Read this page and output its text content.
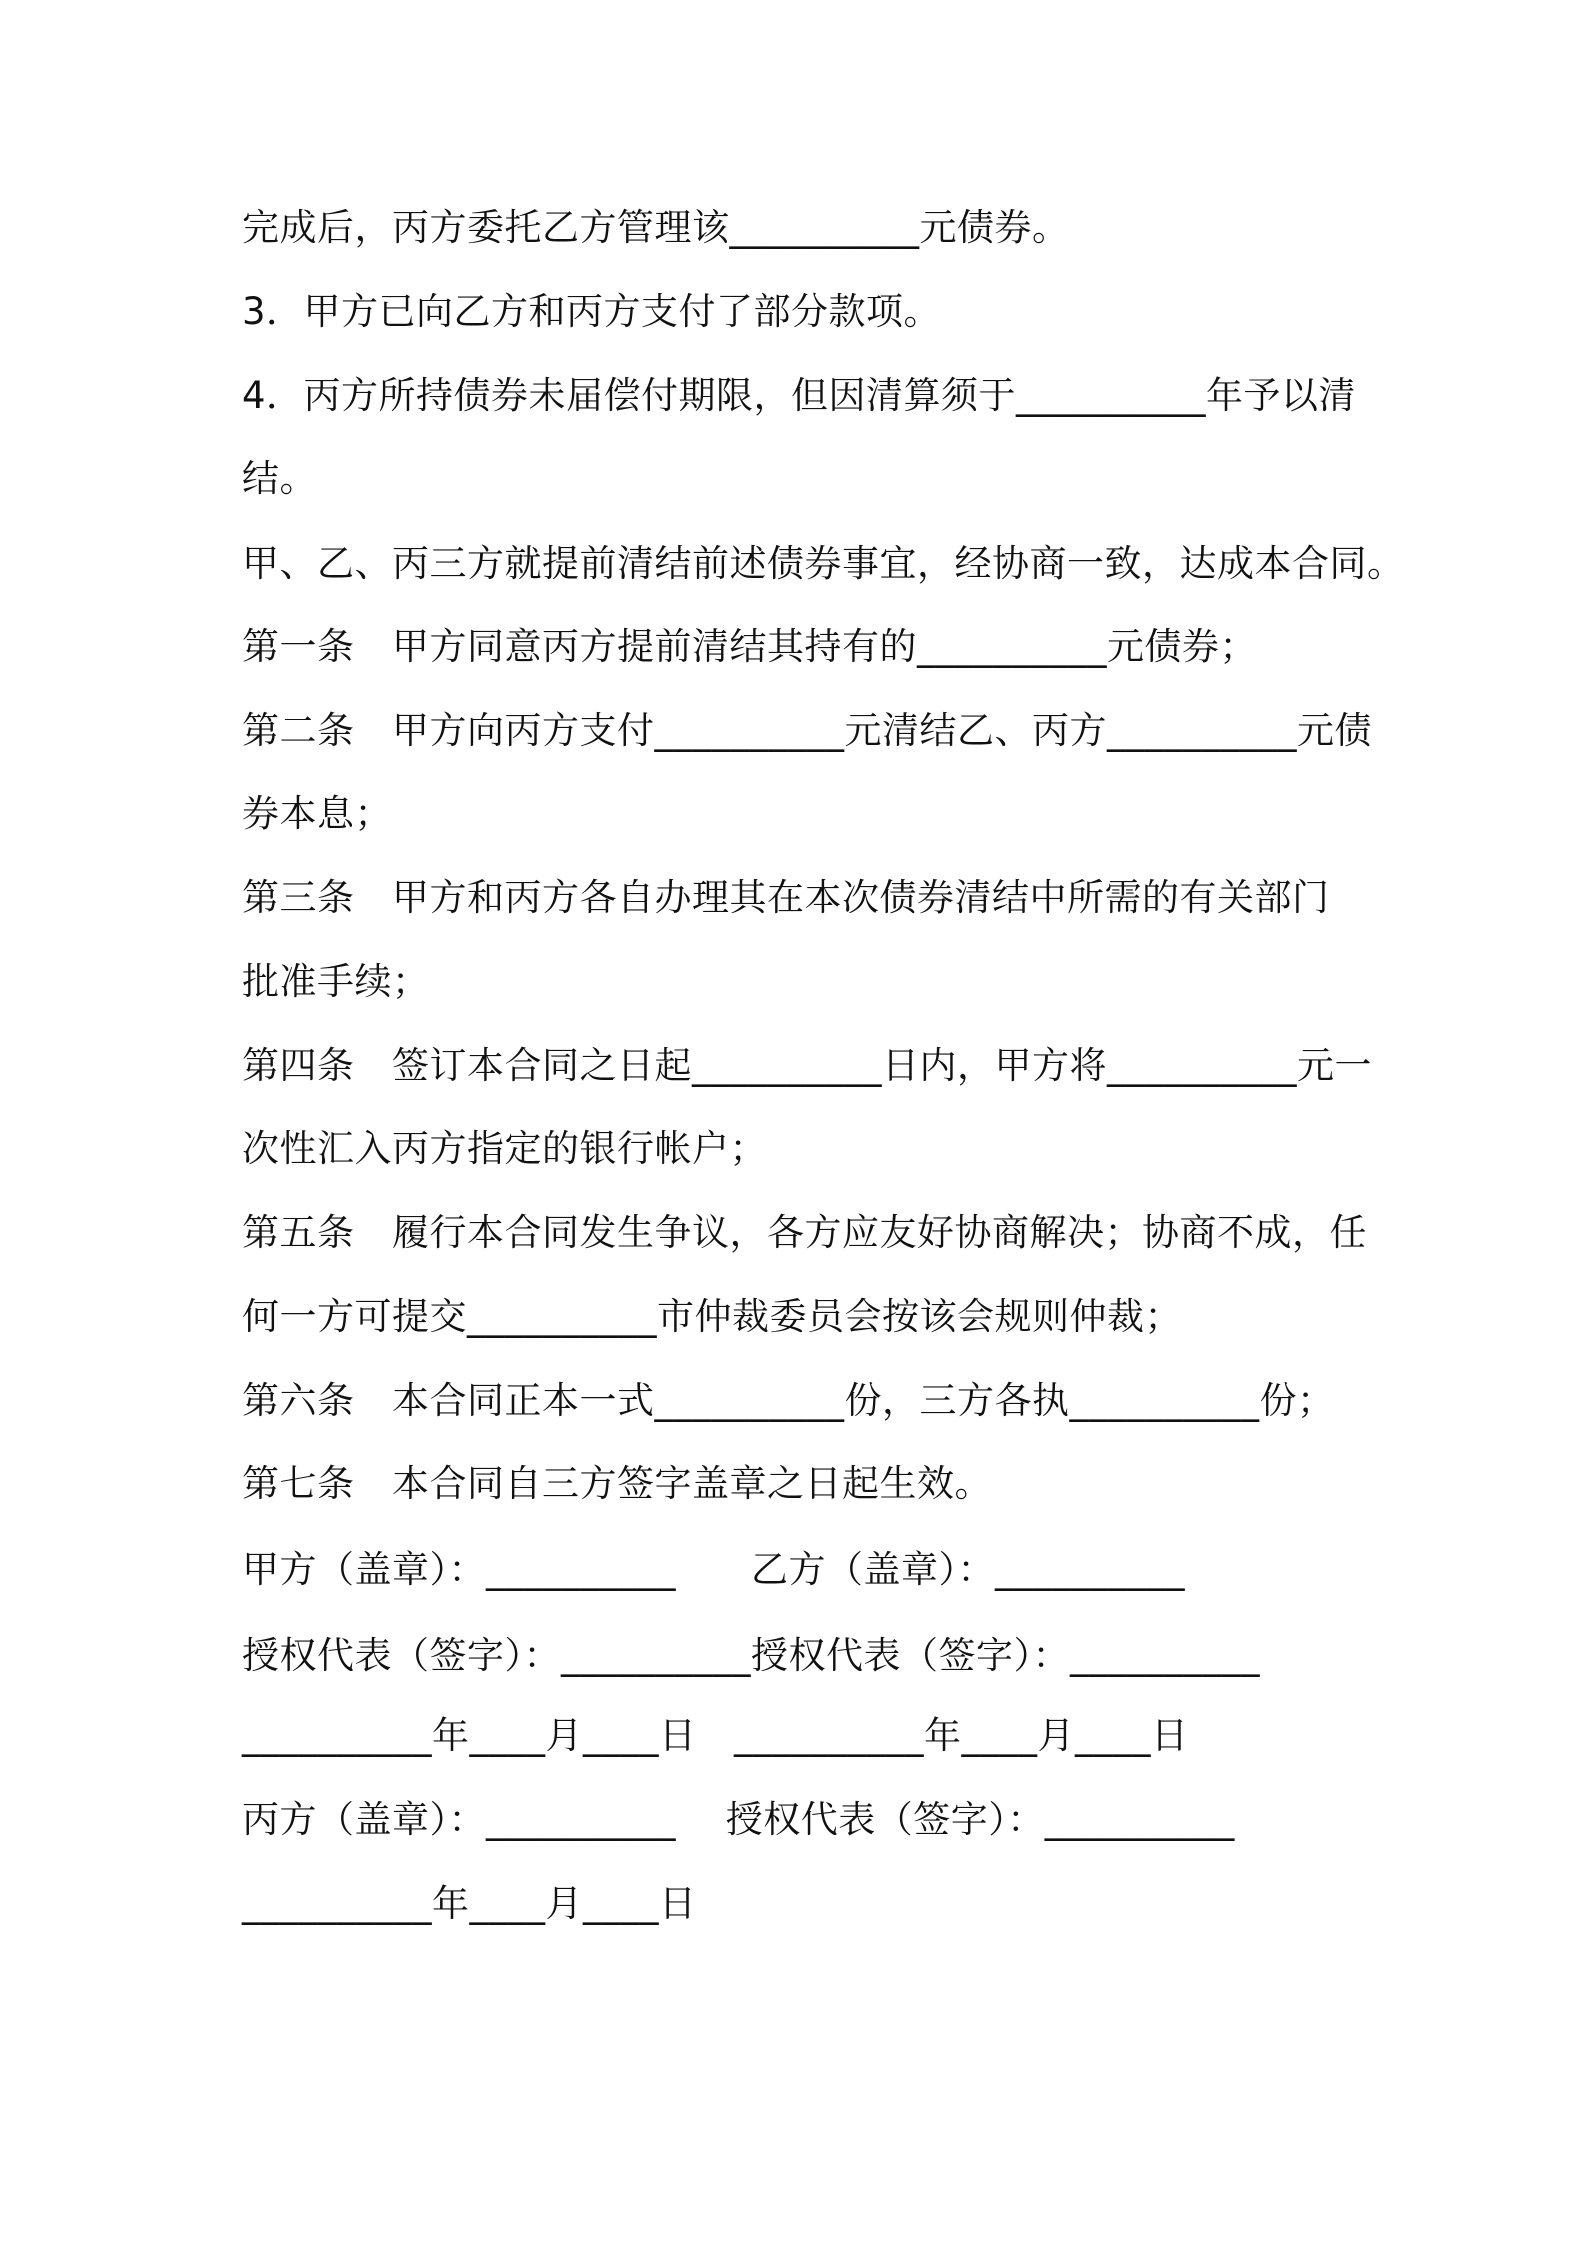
完成后，丙方委托乙方管理该__________元债券。
3．甲方已向乙方和丙方支付了部分款项。
4．丙方所持债券未届偿付期限，但因清算须于__________年予以清
结。
甲、乙、丙三方就提前清结前述债券事宜，经协商一致，达成本合同。
第一条　甲方同意丙方提前清结其持有的__________元债券；
第二条　甲方向丙方支付__________元清结乙、丙方__________元债
券本息；
第三条　甲方和丙方各自办理其在本次债券清结中所需的有关部门
批准手续；
第四条　签订本合同之日起__________日内，甲方将__________元一
次性汇入丙方指定的银行帐户；
第五条　履行本合同发生争议，各方应友好协商解决；协商不成，任
何一方可提交__________市仲裁委员会按该会规则仲裁；
第六条　本合同正本一式__________份，三方各执__________份；
第七条　本合同自三方签字盖章之日起生效。
甲方（盖章）：__________　　乙方（盖章）：__________
授权代表（签字）：__________授权代表（签字）：__________
__________年____月____日　__________年____月____日
丙方（盖章）：__________　 授权代表（签字）：__________
__________年____月____日
